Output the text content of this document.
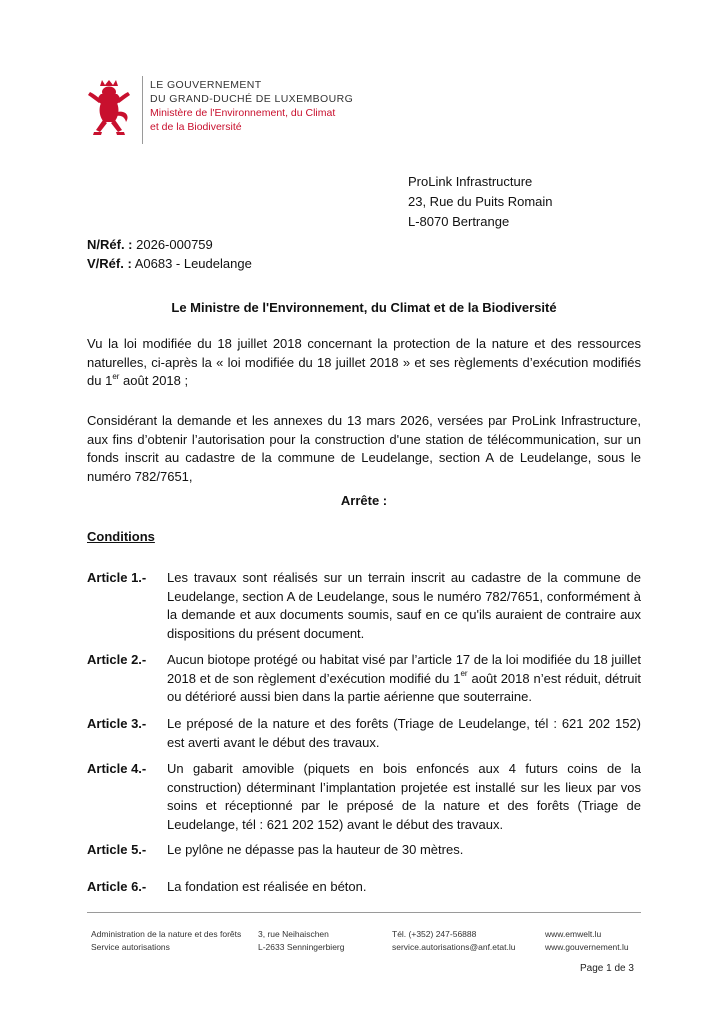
LE GOUVERNEMENT
DU GRAND-DUCHÉ DE LUXEMBOURG
Ministère de l'Environnement, du Climat
et de la Biodiversité
ProLink Infrastructure
23, Rue du Puits Romain
L-8070 Bertrange
N/Réf. : 2026-000759
V/Réf. : A0683 - Leudelange
Le Ministre de l'Environnement, du Climat et de la Biodiversité
Vu la loi modifiée du 18 juillet 2018 concernant la protection de la nature et des ressources naturelles, ci-après la « loi modifiée du 18 juillet 2018 » et ses règlements d’exécution modifiés du 1er août 2018 ;
Considérant la demande et les annexes du 13 mars 2026, versées par ProLink Infrastructure, aux fins d’obtenir l’autorisation pour la construction d'une station de télécommunication, sur un fonds inscrit au cadastre de la commune de Leudelange, section A de Leudelange, sous le numéro 782/7651,
Arrête :
Conditions
Article 1.- Les travaux sont réalisés sur un terrain inscrit au cadastre de la commune de Leudelange, section A de Leudelange, sous le numéro 782/7651, conformément à la demande et aux documents soumis, sauf en ce qu'ils auraient de contraire aux dispositions du présent document.
Article 2.- Aucun biotope protégé ou habitat visé par l’article 17 de la loi modifiée du 18 juillet 2018 et de son règlement d’exécution modifié du 1er août 2018 n’est réduit, détruit ou détérioré aussi bien dans la partie aérienne que souterraine.
Article 3.- Le préposé de la nature et des forêts (Triage de Leudelange, tél : 621 202 152) est averti avant le début des travaux.
Article 4.- Un gabarit amovible (piquets en bois enfoncés aux 4 futurs coins de la construction) déterminant l’implantation projetée est installé sur les lieux par vos soins et réceptionné par le préposé de la nature et des forêts (Triage de Leudelange, tél : 621 202 152) avant le début des travaux.
Article 5.- Le pylône ne dépasse pas la hauteur de 30 mètres.
Article 6.- La fondation est réalisée en béton.
Administration de la nature et des forêts
Service autorisations
3, rue Neihaischen
L-2633 Senningerbierg
Tél. (+352) 247-56888
service.autorisations@anf.etat.lu
www.emwelt.lu
www.gouvernement.lu
Page 1 de 3
